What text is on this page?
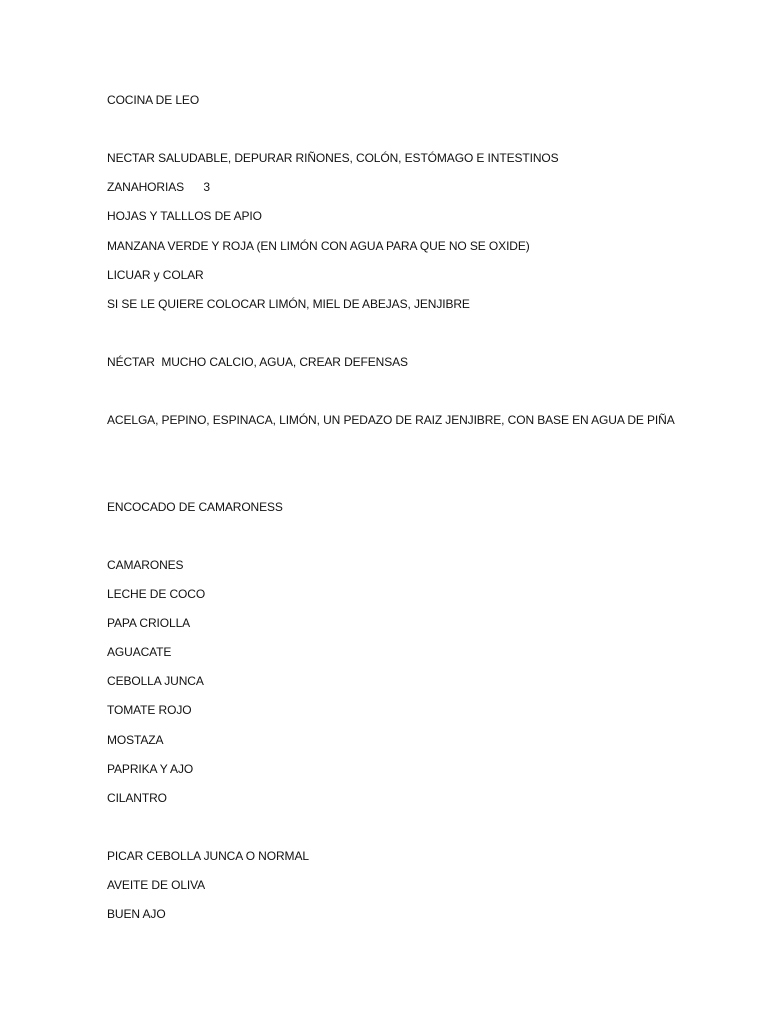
COCINA DE LEO

NECTAR SALUDABLE, DEPURAR RIÑONES, COLÓN, ESTÓMAGO E INTESTINOS

ZANAHORIAS      3

HOJAS Y TALLLOS DE APIO

MANZANA VERDE Y ROJA (EN LIMÓN CON AGUA PARA QUE NO SE OXIDE)

LICUAR y COLAR

SI SE LE QUIERE COLOCAR LIMÓN, MIEL DE ABEJAS, JENJIBRE

NÉCTAR  MUCHO CALCIO, AGUA, CREAR DEFENSAS

ACELGA, PEPINO, ESPINACA, LIMÓN, UN PEDAZO DE RAIZ JENJIBRE, CON BASE EN AGUA DE PIÑA

ENCOCADO DE CAMARONESS

CAMARONES

LECHE DE COCO

PAPA CRIOLLA

AGUACATE

CEBOLLA JUNCA

TOMATE ROJO

MOSTAZA

PAPRIKA Y AJO

CILANTRO

PICAR CEBOLLA JUNCA O NORMAL

AVEITE DE OLIVA

BUEN AJO
